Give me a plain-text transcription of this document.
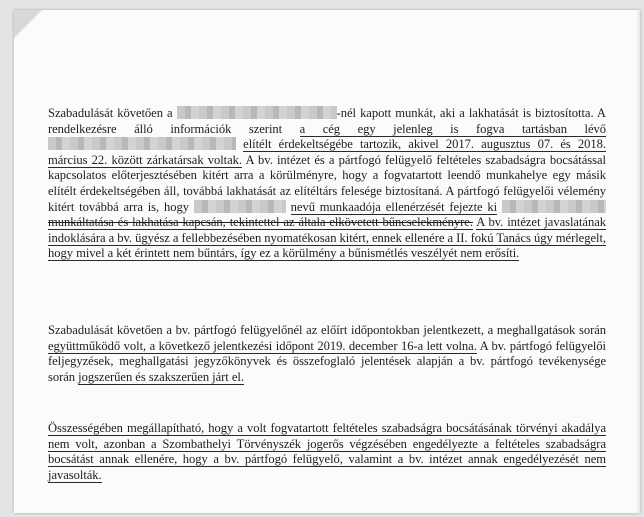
Szabadulását követően a	-nél kapott munkát, aki a lakhatását is biztosította. A rendelkezésre álló információk szerint a cég egy jelenleg is fogva tartásban lévő  elítélt érdekeltségébe tartozik, akivel 2017. augusztus 07. és 2018. március 22. között zárkatársak voltak. A bv. intézet és a pártfogó felügyelő feltételes szabadságra bocsátással kapcsolatos előterjesztésében kitért arra a körülményre, hogy a fogvatartott leendő munkahelye egy másik elítélt érdekeltségében áll, továbbá lakhatását az elítéltárs felesége biztosítaná. A pártfogó felügyelői vélemény kitért továbbá arra is, hogy	nevű munkaadója ellenérzését fejezte ki  munkáltatása és lakhatása kapcsán, tekintettel az általa elkövetett bűncselekményre. A bv. intézet javaslatának indoklására a bv. ügyész a fellebbezésében nyomatékosan kitért, ennek ellenére a II. fokú Tanács úgy mérlegelt, hogy mivel a két érintett nem bűntárs, így ez a körülmény a bűnismétlés veszélyét nem erősíti.
Szabadulását követően a bv. pártfogó felügyelőnél az előírt időpontokban jelentkezett, a meghallgatások során együttműködő volt, a következő jelentkezési időpont 2019. december 16-a lett volna. A bv. pártfogó felügyelői feljegyzések, meghallgatási jegyzőkönyvek és összefoglaló jelentések alapján a bv. pártfogó tevékenysége során jogszerűen és szakszerűen járt el.
Összességében megállapítható, hogy a volt fogvatartott feltételes szabadságra bocsátásának törvényi akadálya nem volt, azonban a Szombathelyi Törvényszék jogerős végzésében engedélyezte a feltételes szabadságra bocsátást annak ellenére, hogy a bv. pártfogó felügyelő, valamint a bv. intézet annak engedélyezését nem javasolták.
